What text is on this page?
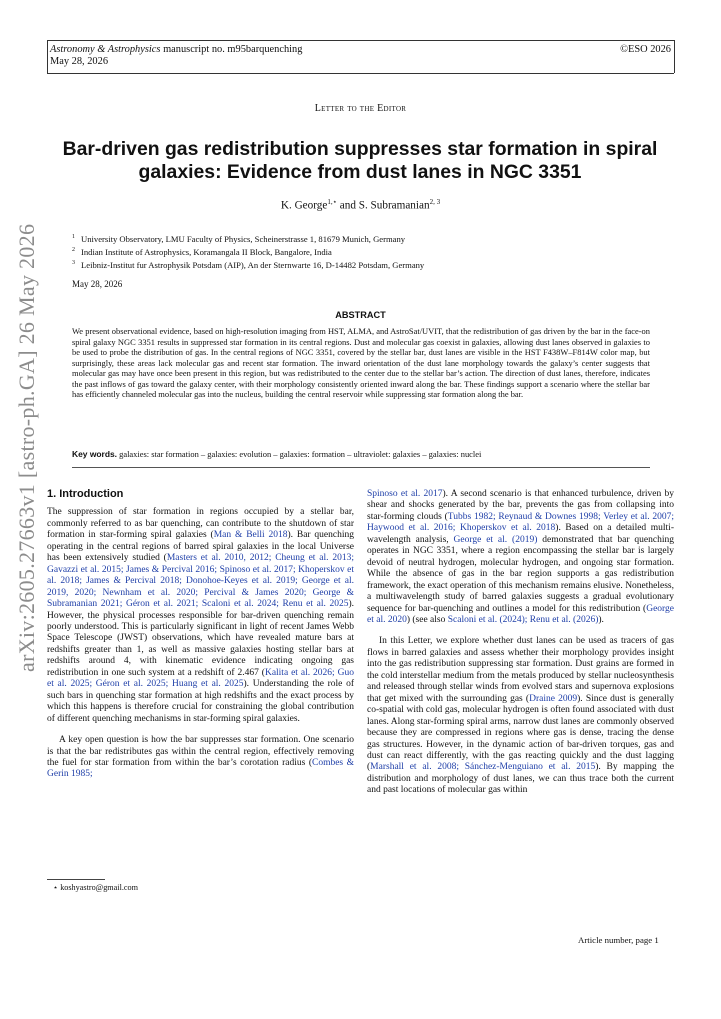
Astronomy & Astrophysics manuscript no. m95barquenching
May 28, 2026
©ESO 2026
Letter to the Editor
Bar-driven gas redistribution suppresses star formation in spiral galaxies: Evidence from dust lanes in NGC 3351
K. George$^{1,⋆}$ and S. Subramanian$^{2, 3}$
$^1$ University Observatory, LMU Faculty of Physics, Scheinerstrasse 1, 81679 Munich, Germany
$^2$ Indian Institute of Astrophysics, Koramangala II Block, Bangalore, India
$^3$ Leibniz-Institut fur Astrophysik Potsdam (AIP), An der Sternwarte 16, D-14482 Potsdam, Germany
May 28, 2026
ABSTRACT
We present observational evidence, based on high-resolution imaging from HST, ALMA, and AstroSat/UVIT, that the redistribution of gas driven by the bar in the face-on spiral galaxy NGC 3351 results in suppressed star formation in its central regions. Dust and molecular gas coexist in galaxies, allowing dust lanes observed in galaxies to be used to probe the distribution of gas. In the central regions of NGC 3351, covered by the stellar bar, dust lanes are visible in the HST F438W–F814W color map, but surprisingly, these areas lack molecular gas and recent star formation. The inward orientation of the dust lane morphology towards the galaxy’s center suggests that molecular gas may have once been present in this region, but was redistributed to the center due to the stellar bar’s action. The direction of dust lanes, therefore, indicates the past inflows of gas toward the galaxy center, with their morphology consistently oriented inward along the bar. These findings support a scenario where the stellar bar has efficiently channeled molecular gas into the nucleus, building the central reservoir while suppressing star formation along the bar.
Key words. galaxies: star formation – galaxies: evolution – galaxies: formation – ultraviolet: galaxies – galaxies: nuclei
arXiv:2605.27663v1 [astro-ph.GA] 26 May 2026 1. Introduction

The suppression of star formation in regions occupied by a stellar bar, commonly referred to as bar quenching, can contribute to the shutdown of star formation in star-forming spiral galaxies (Man & Belli 2018). Bar quenching operating in the central regions of barred spiral galaxies in the local Universe has been extensively studied (Masters et al. 2010, 2012; Cheung et al. 2013; Gavazzi et al. 2015; James & Percival 2016; Spinoso et al. 2017; Khoperskov et al. 2018; James & Percival 2018; Donohoe-Keyes et al. 2019; George et al. 2019, 2020; Newnham et al. 2020; Percival & James 2020; George & Subramanian 2021; Géron et al. 2021; Scaloni et al. 2024; Renu et al. 2025). However, the physical processes responsible for bar-driven quenching remain poorly understood. This is particularly significant in light of recent James Webb Space Telescope (JWST) observations, which have revealed mature bars at redshifts greater than 1, as well as massive galaxies hosting stellar bars at redshifts around 4, with kinematic evidence indicating ongoing gas redistribution in one such system at a redshift of 2.467 (Kalita et al. 2026; Guo et al. 2025; Géron et al. 2025; Huang et al. 2025). Understanding the role of such bars in quenching star formation at high redshifts and the exact process by which this happens is therefore crucial for constraining the global contribution of different quenching mechanisms in star-forming spiral galaxies.

A key open question is how the bar suppresses star formation. One scenario is that the bar redistributes gas within the central region, effectively removing the fuel for star formation from within the bar’s corotation radius (Combes & Gerin 1985;

Spinoso et al. 2017). A second scenario is that enhanced turbulence, driven by shear and shocks generated by the bar, prevents the gas from collapsing into star-forming clouds (Tubbs 1982; Reynaud & Downes 1998; Verley et al. 2007; Haywood et al. 2016; Khoperskov et al. 2018). Based on a detailed multi-wavelength analysis, George et al. (2019) demonstrated that bar quenching operates in NGC 3351, where a region encompassing the stellar bar is largely devoid of neutral hydrogen, molecular hydrogen, and ongoing star formation. While the absence of gas in the bar region supports a gas redistribution framework, the exact operation of this mechanism remains elusive. Nonetheless, a multiwavelength study of barred galaxies suggests a gradual evolutionary sequence for bar-quenching and outlines a model for this redistribution (George et al. 2020) (see also Scaloni et al. (2024); Renu et al. (2026)).

In this Letter, we explore whether dust lanes can be used as tracers of gas flows in barred galaxies and assess whether their morphology provides insight into the gas redistribution suppressing star formation. Dust grains are formed in the cold interstellar medium from the metals produced by stellar nucleosynthesis and released through stellar winds from evolved stars and supernova explosions that get mixed with the surrounding gas (Draine 2009). Since dust is generally co-spatial with cold gas, molecular hydrogen is often found associated with dust lanes. Along star-forming spiral arms, narrow dust lanes are commonly observed because they are compressed in regions where gas is dense, tracing the dense gas structures. However, in the dynamic action of bar-driven torques, gas and dust can react differently, with the gas reacting quickly and the dust lagging (Marshall et al. 2008; Sánchez-Menguiano et al. 2015). By mapping the distribution and morphology of dust lanes, we can thus trace both the current and past locations of molecular gas within

⋆ koshyastro@gmail.com
Article number, page 1
